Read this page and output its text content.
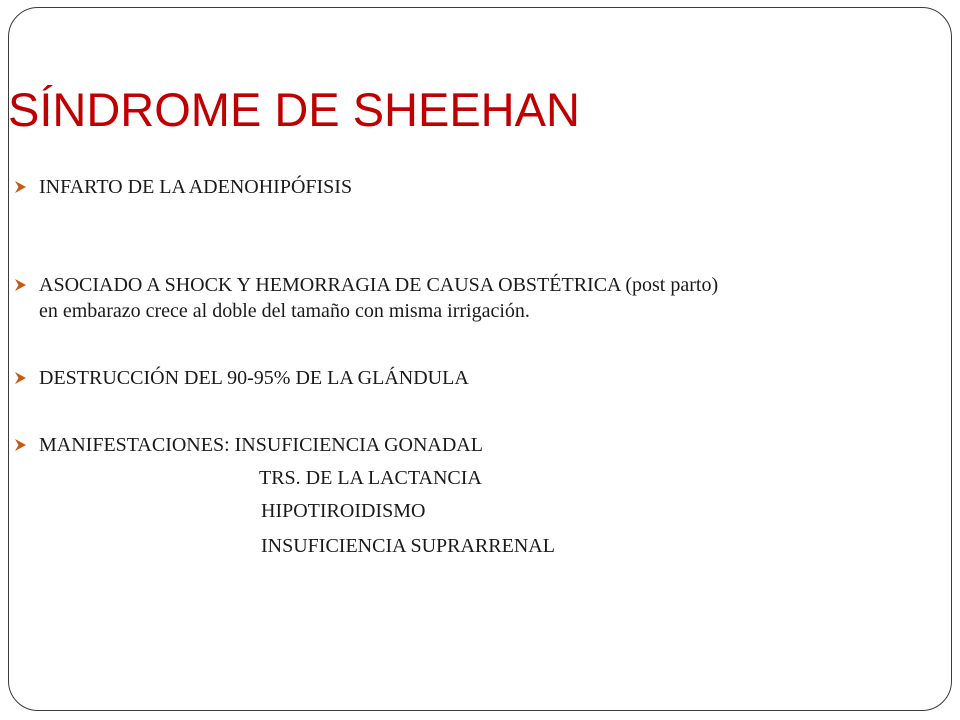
SÍNDROME DE SHEEHAN
INFARTO DE LA ADENOHIPÓFISIS
ASOCIADO A SHOCK Y HEMORRAGIA DE CAUSA OBSTÉTRICA (post parto)
en embarazo crece al doble del tamaño con misma irrigación.
DESTRUCCIÓN DEL 90-95% DE LA GLÁNDULA
MANIFESTACIONES: INSUFICIENCIA GONADAL
TRS. DE LA LACTANCIA
HIPOTIROIDISMO
INSUFICIENCIA SUPRARRENAL
